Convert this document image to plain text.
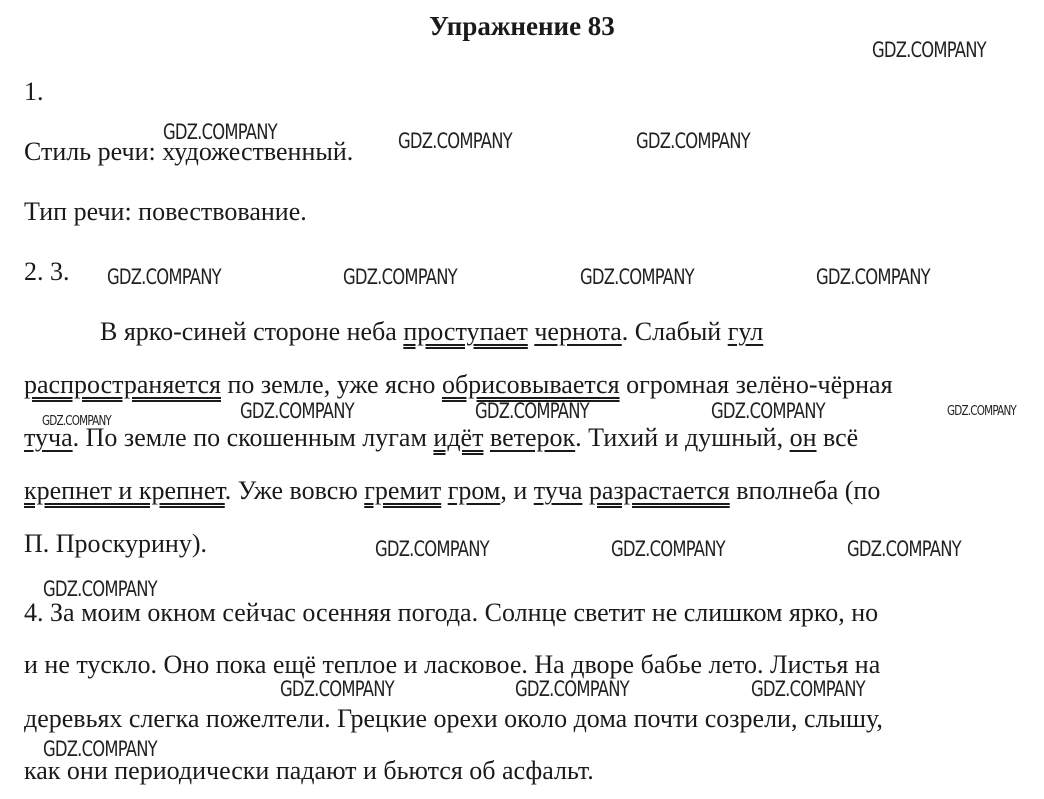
Упражнение 83
1.
Стиль речи: художественный.
Тип речи: повествование.
2. 3.
В ярко-синей стороне неба проступает чернота. Слабый гул
распространяется по земле, уже ясно обрисовывается огромная зелёно-чёрная
туча. По земле по скошенным лугам идёт ветерок. Тихий и душный, он всё
крепнет и крепнет. Уже вовсю гремит гром, и туча разрастается вполнеба (по
П. Проскурину).
4. За моим окном сейчас осенняя погода. Солнце светит не слишком ярко, но
и не тускло. Оно пока ещё теплое и ласковое. На дворе бабье лето. Листья на
деревьях слегка пожелтели. Грецкие орехи около дома почти созрели, слышу,
как они периодически падают и бьются об асфальт.
GDZ.COMPANY
GDZ.COMPANY	GDZ.COMPANY	GDZ.COMPANY
GDZ.COMPANY	GDZ.COMPANY	GDZ.COMPANY	GDZ.COMPANY
GDZ.COMPANY	GDZ.COMPANY	GDZ.COMPANY	GDZ.COMPANY	GDZ.COMPANY
GDZ.COMPANY	GDZ.COMPANY	GDZ.COMPANY
GDZ.COMPANY
GDZ.COMPANY	GDZ.COMPANY	GDZ.COMPANY
GDZ.COMPANY
